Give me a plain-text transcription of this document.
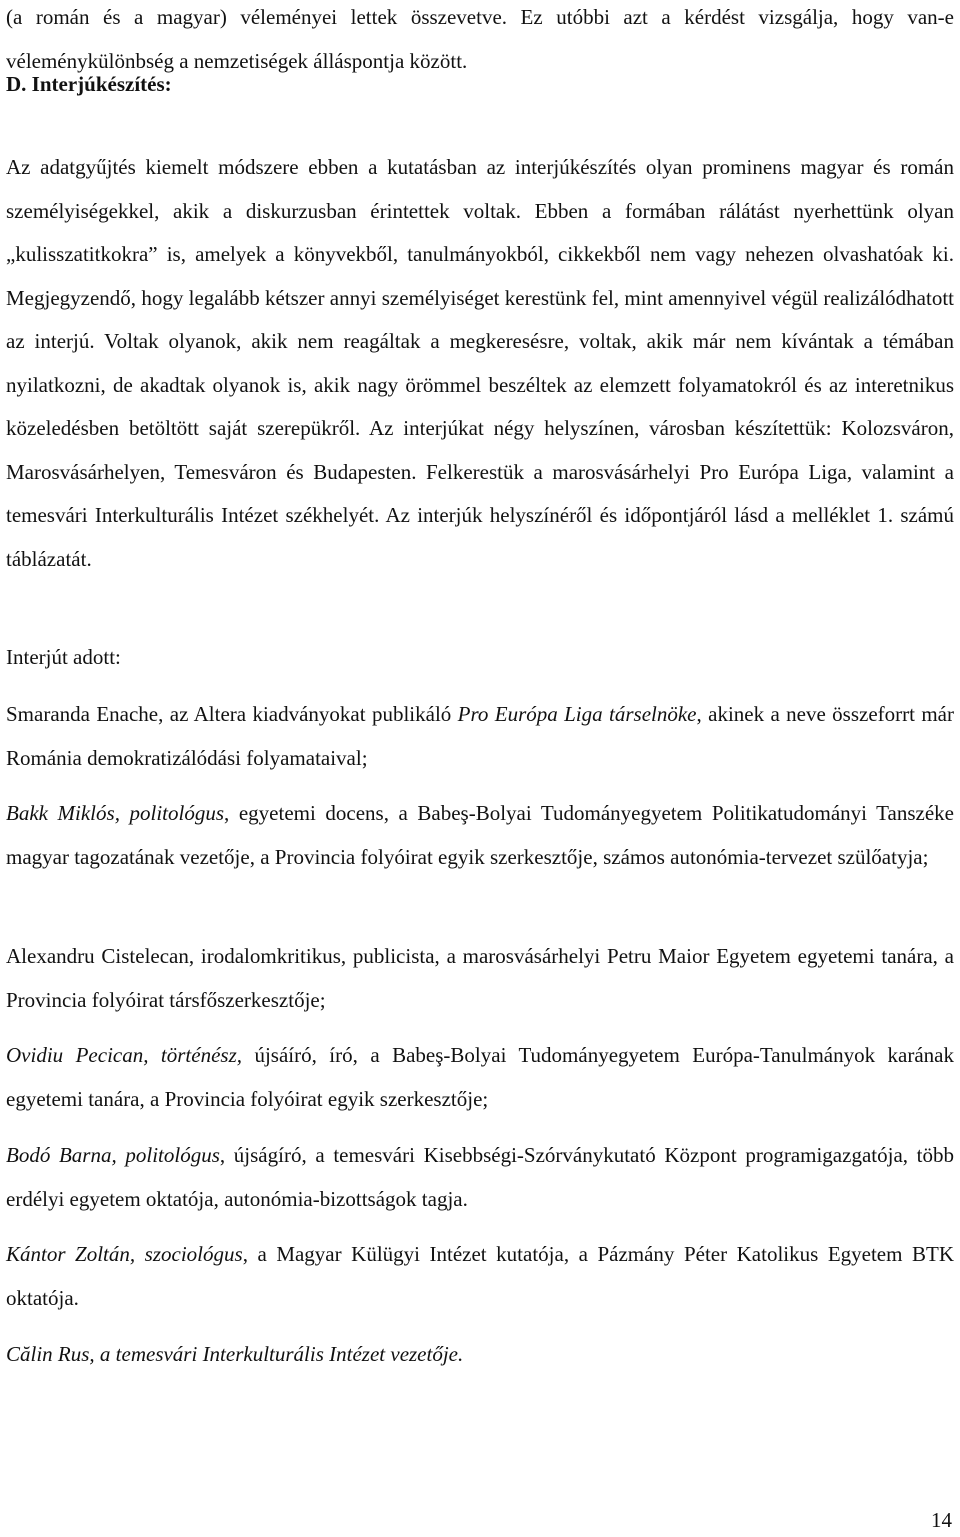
(a román és a magyar) véleményei lettek összevetve. Ez utóbbi azt a kérdést vizsgálja, hogy van-e véleménykülönbség a nemzetiségek álláspontja között.

D. Interjúkészítés:

Az adatgyűjtés kiemelt módszere ebben a kutatásban az interjúkészítés olyan prominens magyar és román személyiségekkel, akik a diskurzusban érintettek voltak. Ebben a formában rálátást nyerhettünk olyan „kulisszatitkokra” is, amelyek a könyvekből, tanulmányokból, cikkekből nem vagy nehezen olvashatóak ki. Megjegyzendő, hogy legalább kétszer annyi személyiséget kerestünk fel, mint amennyivel végül realizálódhatott az interjú. Voltak olyanok, akik nem reagáltak a megkeresésre, voltak, akik már nem kívántak a témában nyilatkozni, de akadtak olyanok is, akik nagy örömmel beszéltek az elemzett folyamatokról és az interetnikus közeledésben betöltött saját szerepükről. Az interjúkat négy helyszínen, városban készítettük: Kolozsváron, Marosvásárhelyen, Temesváron és Budapesten. Felkerestük a marosvásárhelyi Pro Európa Liga, valamint a temesvári Interkulturális Intézet székhelyét. Az interjúk helyszínéről és időpontjáról lásd a melléklet 1. számú táblázatát.

Interjút adott:

Smaranda Enache, az Altera kiadványokat publikáló Pro Európa Liga társelnöke, akinek a neve összeforrt már Románia demokratizálódási folyamataival;

Bakk Miklós, politológus, egyetemi docens, a Babeş-Bolyai Tudományegyetem Politikatudományi Tanszéke magyar tagozatának vezetője, a Provincia folyóirat egyik szerkesztője, számos autonómia-tervezet szülőatyja;

Alexandru Cistelecan, irodalomkritikus, publicista, a marosvásárhelyi Petru Maior Egyetem egyetemi tanára, a Provincia folyóirat társfőszerkesztője;

Ovidiu Pecican, történész, újsáíró, író, a Babeş-Bolyai Tudományegyetem Európa-Tanulmányok karának egyetemi tanára, a Provincia folyóirat egyik szerkesztője;

Bodó Barna, politológus, újságíró, a temesvári Kisebbségi-Szórványkutató Központ programigazgatója, több erdélyi egyetem oktatója, autonómia-bizottságok tagja.

Kántor Zoltán, szociológus, a Magyar Külügyi Intézet kutatója, a Pázmány Péter Katolikus Egyetem BTK oktatója.

Călin Rus, a temesvári Interkulturális Intézet vezetője.

14
